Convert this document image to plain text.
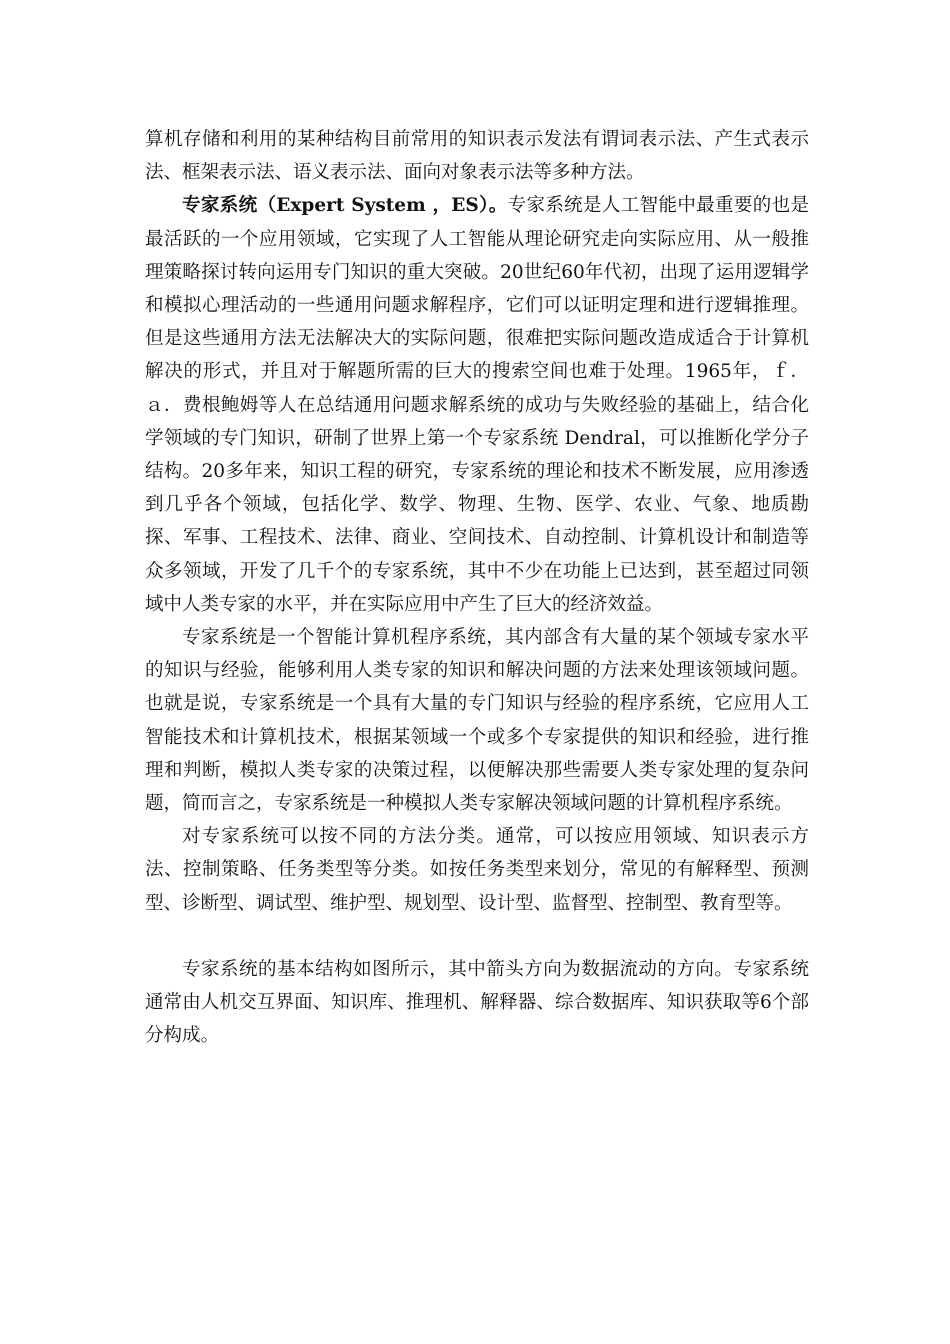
算机存储和利用的某种结构目前常用的知识表示发法有谓词表示法、产生式表示法、框架表示法、语义表示法、面向对象表示法等多种方法。

专家系统（Expert System ，ES）。专家系统是人工智能中最重要的也是最活跃的一个应用领域，它实现了人工智能从理论研究走向实际应用、从一般推理策略探讨转向运用专门知识的重大突破。20世纪60年代初，出现了运用逻辑学和模拟心理活动的一些通用问题求解程序，它们可以证明定理和进行逻辑推理。但是这些通用方法无法解决大的实际问题，很难把实际问题改造成适合于计算机解决的形式，并且对于解题所需的巨大的搜索空间也难于处理。1965年，ｆ．ａ．费根鲍姆等人在总结通用问题求解系统的成功与失败经验的基础上，结合化学领域的专门知识，研制了世界上第一个专家系统 Dendral，可以推断化学分子结构。20多年来，知识工程的研究，专家系统的理论和技术不断发展，应用渗透到几乎各个领域，包括化学、数学、物理、生物、医学、农业、气象、地质勘探、军事、工程技术、法律、商业、空间技术、自动控制、计算机设计和制造等众多领域，开发了几千个的专家系统，其中不少在功能上已达到，甚至超过同领域中人类专家的水平，并在实际应用中产生了巨大的经济效益。

专家系统是一个智能计算机程序系统，其内部含有大量的某个领域专家水平的知识与经验，能够利用人类专家的知识和解决问题的方法来处理该领域问题。也就是说，专家系统是一个具有大量的专门知识与经验的程序系统，它应用人工智能技术和计算机技术，根据某领域一个或多个专家提供的知识和经验，进行推理和判断，模拟人类专家的决策过程，以便解决那些需要人类专家处理的复杂问题，简而言之，专家系统是一种模拟人类专家解决领域问题的计算机程序系统。

对专家系统可以按不同的方法分类。通常，可以按应用领域、知识表示方法、控制策略、任务类型等分类。如按任务类型来划分，常见的有解释型、预测型、诊断型、调试型、维护型、规划型、设计型、监督型、控制型、教育型等。

专家系统的基本结构如图所示，其中箭头方向为数据流动的方向。专家系统通常由人机交互界面、知识库、推理机、解释器、综合数据库、知识获取等6个部分构成。
